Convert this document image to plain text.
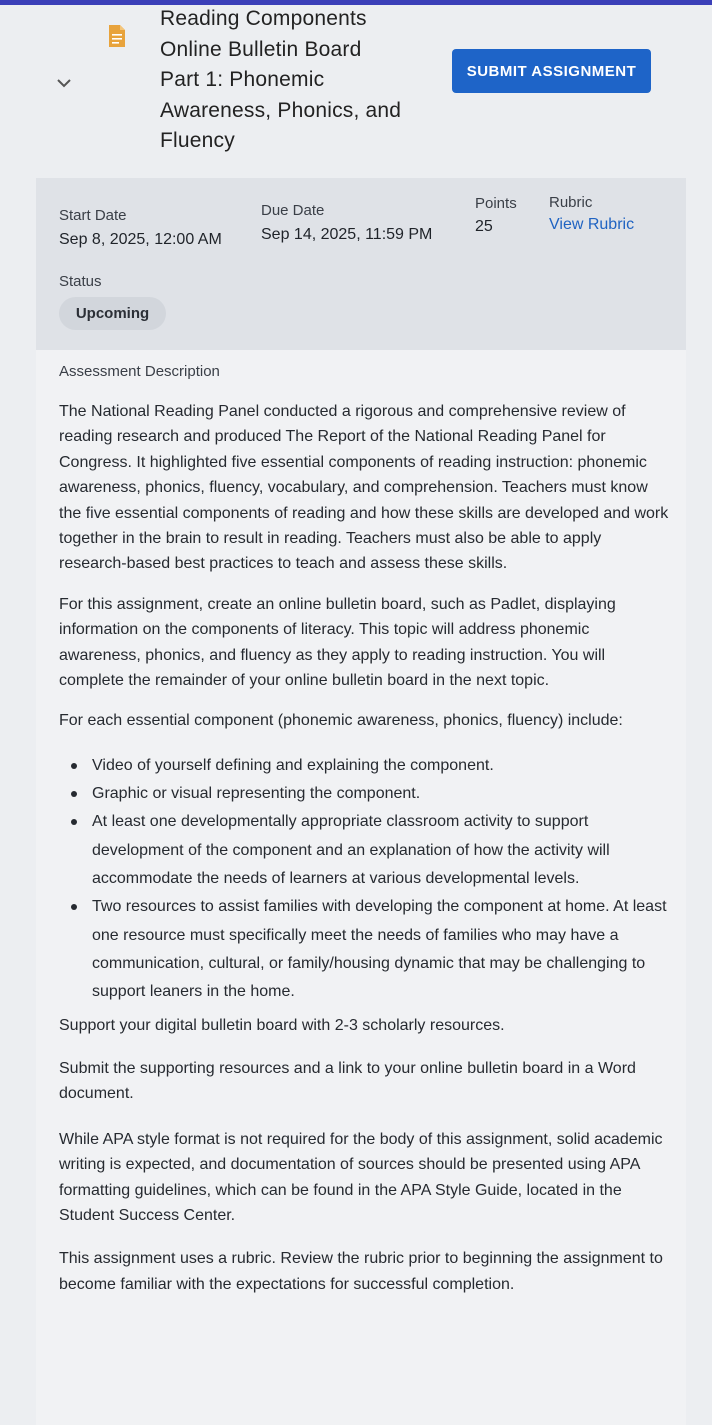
Reading Components
Online Bulletin Board
Part 1: Phonemic
Awareness, Phonics, and
Fluency
SUBMIT ASSIGNMENT
Start Date
Sep 8, 2025, 12:00 AM
Due Date
Sep 14, 2025, 11:59 PM
Points
25
Rubric
View Rubric
Status
Upcoming

Assessment Description

The National Reading Panel conducted a rigorous and comprehensive review of reading research and produced The Report of the National Reading Panel for Congress. It highlighted five essential components of reading instruction: phonemic awareness, phonics, fluency, vocabulary, and comprehension. Teachers must know the five essential components of reading and how these skills are developed and work together in the brain to result in reading. Teachers must also be able to apply research-based best practices to teach and assess these skills.

For this assignment, create an online bulletin board, such as Padlet, displaying information on the components of literacy. This topic will address phonemic awareness, phonics, and fluency as they apply to reading instruction. You will complete the remainder of your online bulletin board in the next topic.

For each essential component (phonemic awareness, phonics, fluency) include:

Video of yourself defining and explaining the component.
Graphic or visual representing the component.
At least one developmentally appropriate classroom activity to support development of the component and an explanation of how the activity will accommodate the needs of learners at various developmental levels.
Two resources to assist families with developing the component at home. At least one resource must specifically meet the needs of families who may have a communication, cultural, or family/housing dynamic that may be challenging to support leaners in the home.

Support your digital bulletin board with 2-3 scholarly resources.

Submit the supporting resources and a link to your online bulletin board in a Word document.

While APA style format is not required for the body of this assignment, solid academic writing is expected, and documentation of sources should be presented using APA formatting guidelines, which can be found in the APA Style Guide, located in the Student Success Center.

This assignment uses a rubric. Review the rubric prior to beginning the assignment to become familiar with the expectations for successful completion.
